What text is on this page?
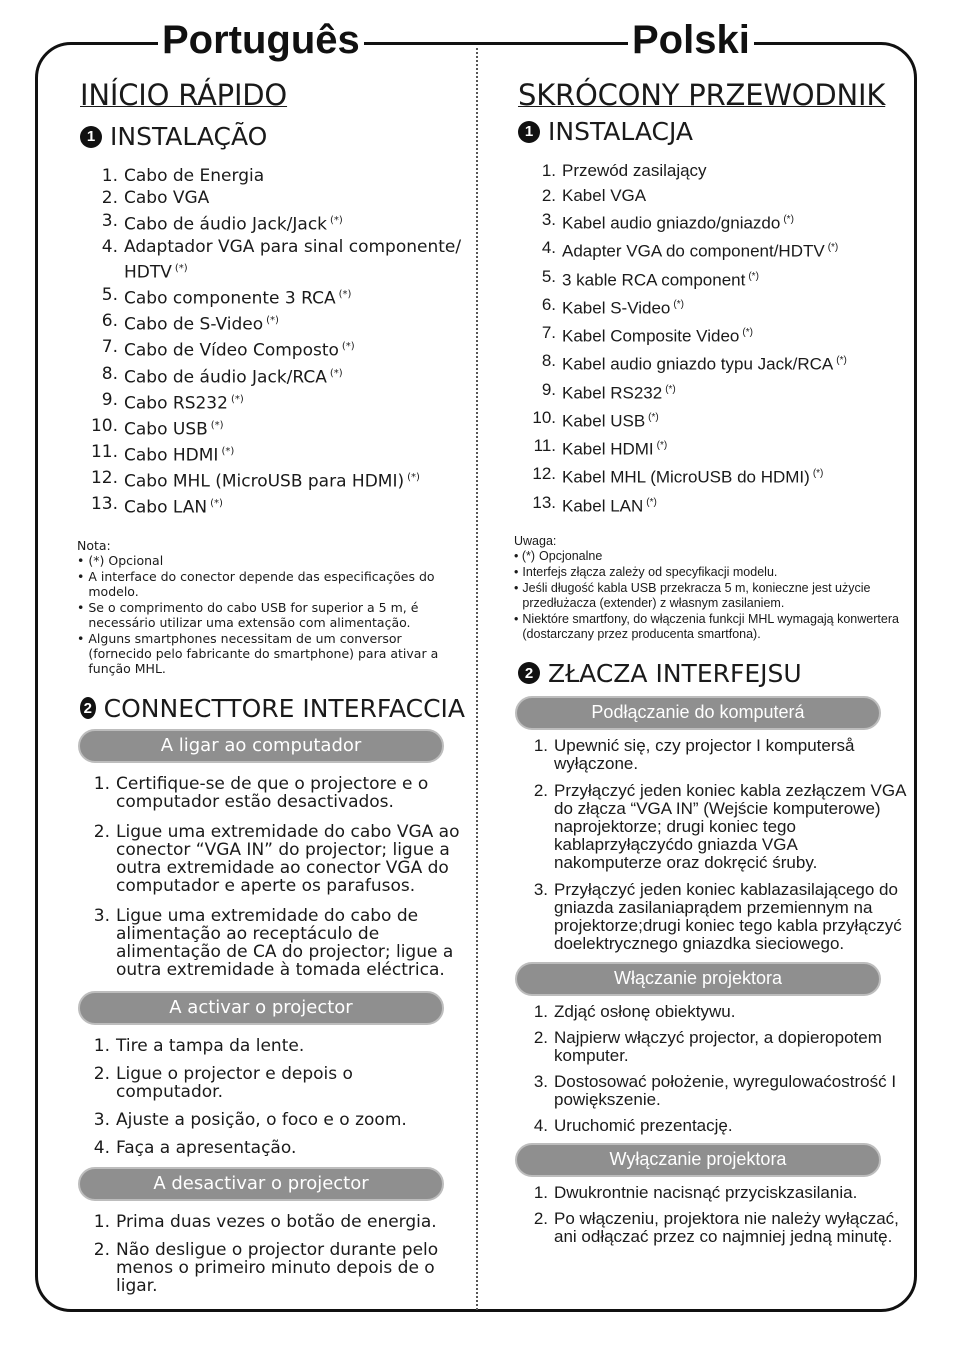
Português	Polski
INÍCIO RÁPIDO
1 INSTALAÇÃO
1. Cabo de Energia
2. Cabo VGA
3. Cabo de áudio Jack/Jack (*)
4. Adaptador VGA para sinal componente/ HDTV (*)
5. Cabo componente 3 RCA (*)
6. Cabo de S-Video (*)
7. Cabo de Vídeo Composto (*)
8. Cabo de áudio Jack/RCA (*)
9. Cabo RS232 (*)
10. Cabo USB (*)
11. Cabo HDMI (*)
12. Cabo MHL (MicroUSB para HDMI) (*)
13. Cabo LAN (*)
Nota:
• (*) Opcional
• A interface do conector depende das especificações do modelo.
• Se o comprimento do cabo USB for superior a 5 m, é necessário utilizar uma extensão com alimentação.
• Alguns smartphones necessitam de um conversor (fornecido pelo fabricante do smartphone) para ativar a função MHL.
2 CONNECTTORE INTERFACCIA
A ligar ao computador
1. Certifique-se de que o projectore e o computador estão desactivados.
2. Ligue uma extremidade do cabo VGA ao conector “VGA IN” do projector; ligue a outra extremidade ao conector VGA do computador e aperte os parafusos.
3. Ligue uma extremidade do cabo de alimentação ao receptáculo de alimentação de CA do projector; ligue a outra extremidade à tomada eléctrica.
A activar o projector
1. Tire a tampa da lente.
2. Ligue o projector e depois o computador.
3. Ajuste a posição, o foco e o zoom.
4. Faça a apresentação.
A desactivar o projector
1. Prima duas vezes o botão de energia.
2. Não desligue o projector durante pelo menos o primeiro minuto depois de o ligar.
SKRÓCONY PRZEWODNIK
1 INSTALACJA
1. Przewód zasilający
2. Kabel VGA
3. Kabel audio gniazdo/gniazdo (*)
4. Adapter VGA do component/HDTV (*)
5. 3 kable RCA component (*)
6. Kabel S-Video (*)
7. Kabel Composite Video (*)
8. Kabel audio gniazdo typu Jack/RCA (*)
9. Kabel RS232 (*)
10. Kabel USB (*)
11. Kabel HDMI (*)
12. Kabel MHL (MicroUSB do HDMI) (*)
13. Kabel LAN (*)
Uwaga:
• (*) Opcjonalne
• Interfejs złącza zależy od specyfikacji modelu.
• Jeśli długość kabla USB przekracza 5 m, konieczne jest użycie przedłużacza (extender) z własnym zasilaniem.
• Niektóre smartfony, do włączenia funkcji MHL wymagają konwertera (dostarczany przez producenta smartfona).
2 ZŁACZA INTERFEJSU
Podłączanie do komputerá
1. Upewnić się, czy projector I komputerså wyłączone.
2. Przyłączyć jeden koniec kabla zezłączem VGA do złącza “VGA IN” (Wejście komputerowe) naprojektorze; drugi koniec tego kablaprzyłączyćdo gniazda VGA nakomputerze oraz dokręcić śruby.
3. Przyłączyć jeden koniec kablazasilającego do gniazda zasilaniaprądem przemiennym na projektorze;drugi koniec tego kabla przyłączyć doelektrycznego gniazdka sieciowego.
Włączanie projektora
1. Zdjąć osłonę obiektywu.
2. Najpierw włączyć projector, a dopieropotem komputer.
3. Dostosować położenie, wyregulowaćostrość I powiększenie.
4. Uruchomić prezentację.
Wyłączanie projektora
1. Dwukrontnie nacisnąć przyciskzasilania.
2. Po włączeniu, projektora nie należy wyłączać, ani odłączać przez co najmniej jedną minutę.
